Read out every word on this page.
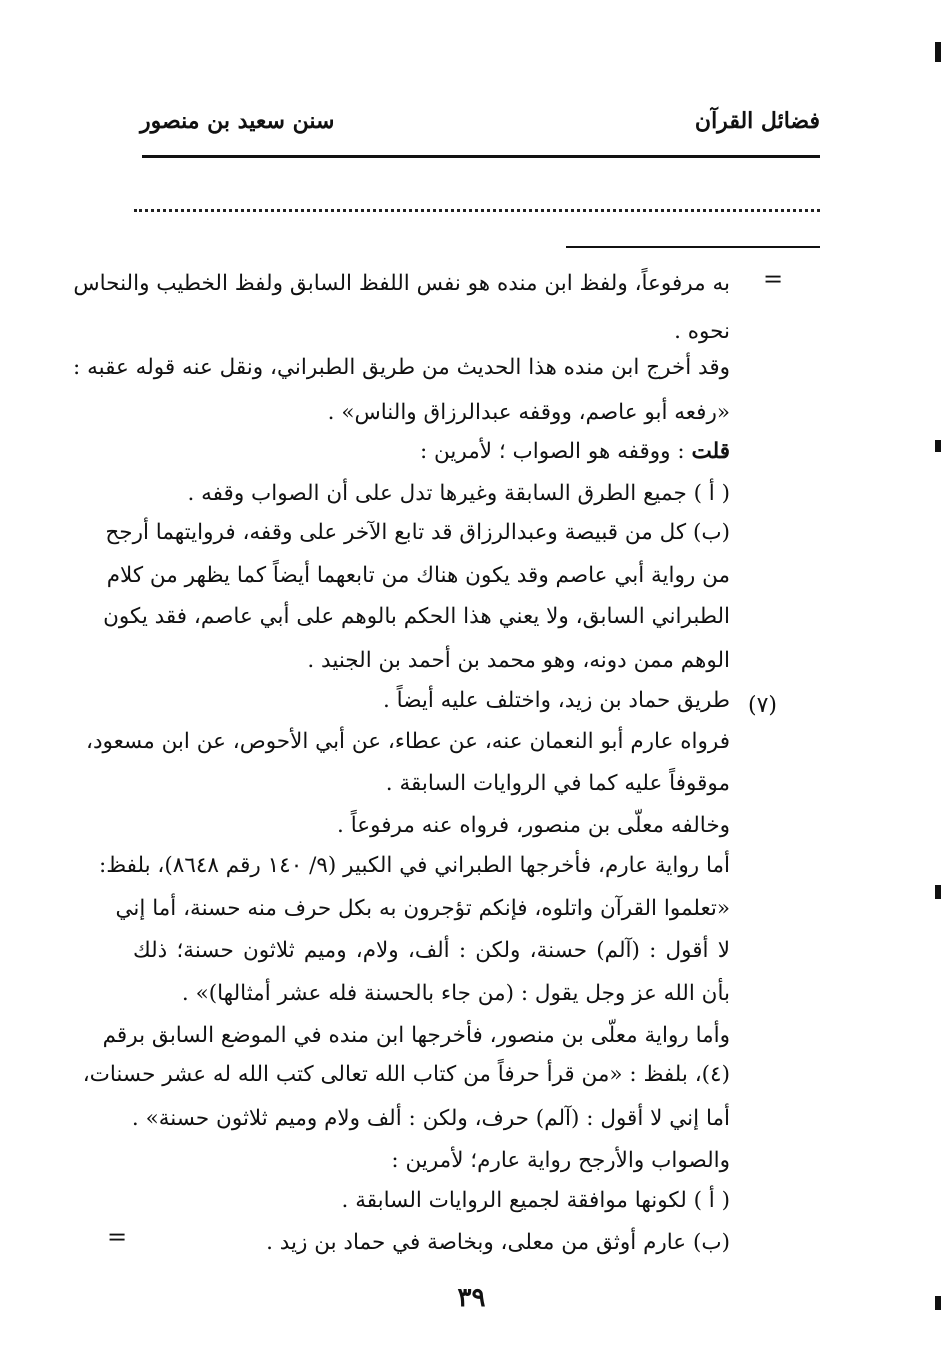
فضائل القرآن
سنن سعيد بن منصور
=
به مرفوعاً، ولفظ ابن منده هو نفس اللفظ السابق ولفظ الخطيب والنحاس
نحوه .
وقد أخرج ابن منده هذا الحديث من طريق الطبراني، ونقل عنه قوله عقبه :
«رفعه أبو عاصم، ووقفه عبدالرزاق والناس» .
قلت : ووقفه هو الصواب ؛ لأمرين :
( أ ) جميع الطرق السابقة وغيرها تدل على أن الصواب وقفه .
(ب) كل من قبيصة وعبدالرزاق قد تابع الآخر على وقفه، فروايتهما أرجح
من رواية أبي عاصم وقد يكون هناك من تابعهما أيضاً كما يظهر من كلام
الطبراني السابق، ولا يعني هذا الحكم بالوهم على أبي عاصم، فقد يكون
الوهم ممن دونه، وهو محمد بن أحمد بن الجنيد .
(٧)
طريق حماد بن زيد، واختلف عليه أيضاً .
فرواه عارم أبو النعمان عنه، عن عطاء، عن أبي الأحوص، عن ابن مسعود،
موقوفاً عليه كما في الروايات السابقة .
وخالفه معلّى بن منصور، فرواه عنه مرفوعاً .
أما رواية عارم، فأخرجها الطبراني في الكبير (٩/ ١٤٠ رقم ٨٦٤٨)، بلفظ:
«تعلموا القرآن واتلوه، فإنكم تؤجرون به بكل حرف منه حسنة، أما إني
لا أقول : (آلم) حسنة، ولكن : ألف، ولام، وميم ثلاثون حسنة؛ ذلك
بأن الله عز وجل يقول : (من جاء بالحسنة فله عشر أمثالها)» .
وأما رواية معلّى بن منصور، فأخرجها ابن منده في الموضع السابق برقم
(٤)، بلفظ : «من قرأ حرفاً من كتاب الله تعالى كتب الله له عشر حسنات،
أما إني لا أقول : (آلم) حرف، ولكن : ألف ولام وميم ثلاثون حسنة» .
والصواب والأرجح رواية عارم؛ لأمرين :
( أ ) لكونها موافقة لجميع الروايات السابقة .
(ب) عارم أوثق من معلى، وبخاصة في حماد بن زيد .
=
٣٩
